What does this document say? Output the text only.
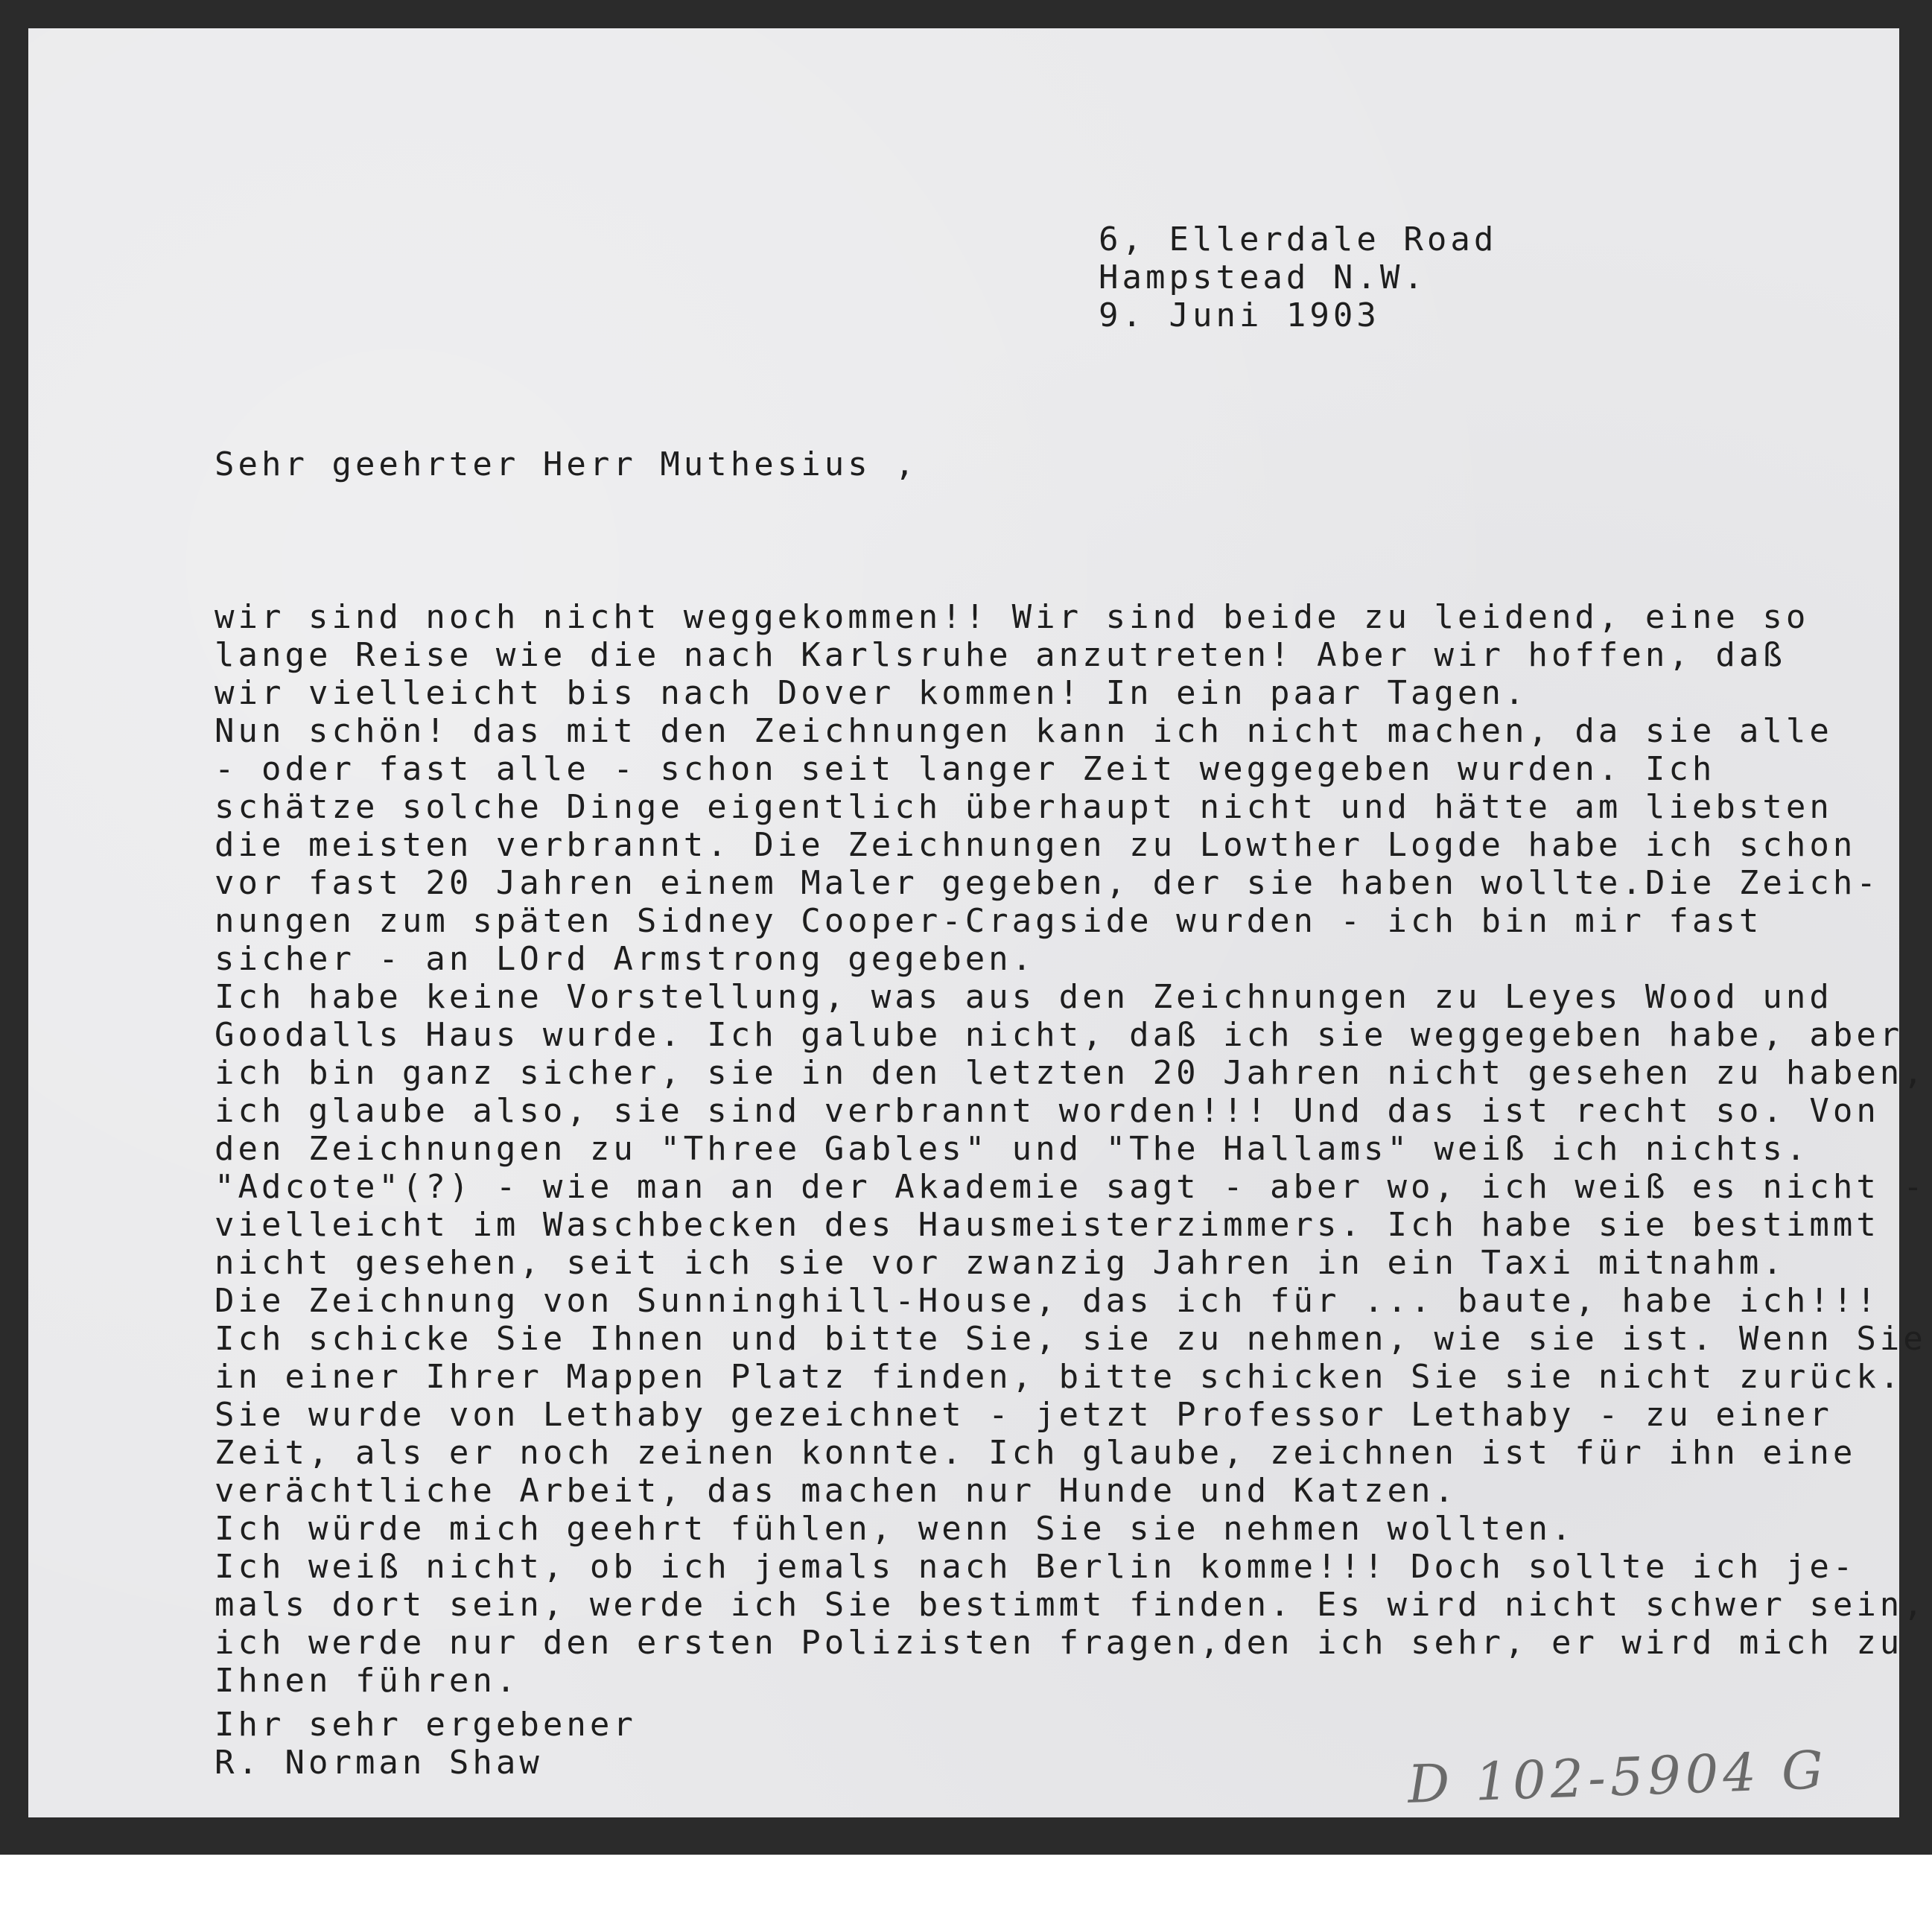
6, Ellerdale Road
Hampstead N.W.
9. Juni 1903
Sehr geehrter Herr Muthesius ,
wir sind noch nicht weggekommen!! Wir sind beide zu leidend, eine so
lange Reise wie die nach Karlsruhe anzutreten! Aber wir hoffen, daß
wir vielleicht bis nach Dover kommen! In ein paar Tagen.
Nun schön! das mit den Zeichnungen kann ich nicht machen, da sie alle
- oder fast alle - schon seit langer Zeit weggegeben wurden. Ich
schätze solche Dinge eigentlich überhaupt nicht und hätte am liebsten
die meisten verbrannt. Die Zeichnungen zu Lowther Logde habe ich schon
vor fast 20 Jahren einem Maler gegeben, der sie haben wollte.Die Zeich-
nungen zum späten Sidney Cooper-Cragside wurden - ich bin mir fast
sicher - an LOrd Armstrong gegeben.
Ich habe keine Vorstellung, was aus den Zeichnungen zu Leyes Wood und
Goodalls Haus wurde. Ich galube nicht, daß ich sie weggegeben habe, aber
ich bin ganz sicher, sie in den letzten 20 Jahren nicht gesehen zu haben,
ich glaube also, sie sind verbrannt worden!!! Und das ist recht so. Von
den Zeichnungen zu "Three Gables" und "The Hallams" weiß ich nichts.
"Adcote"(?) - wie man an der Akademie sagt - aber wo, ich weiß es nicht -
vielleicht im Waschbecken des Hausmeisterzimmers. Ich habe sie bestimmt
nicht gesehen, seit ich sie vor zwanzig Jahren in ein Taxi mitnahm.
Die Zeichnung von Sunninghill-House, das ich für ... baute, habe ich!!!
Ich schicke Sie Ihnen und bitte Sie, sie zu nehmen, wie sie ist. Wenn Sie
in einer Ihrer Mappen Platz finden, bitte schicken Sie sie nicht zurück.
Sie wurde von Lethaby gezeichnet - jetzt Professor Lethaby - zu einer
Zeit, als er noch zeinen konnte. Ich glaube, zeichnen ist für ihn eine
verächtliche Arbeit, das machen nur Hunde und Katzen.
Ich würde mich geehrt fühlen, wenn Sie sie nehmen wollten.
Ich weiß nicht, ob ich jemals nach Berlin komme!!! Doch sollte ich je-
mals dort sein, werde ich Sie bestimmt finden. Es wird nicht schwer sein,
ich werde nur den ersten Polizisten fragen,den ich sehr, er wird mich zu
Ihnen führen.
Ihr sehr ergebener
R. Norman Shaw	D 102-5904 G
